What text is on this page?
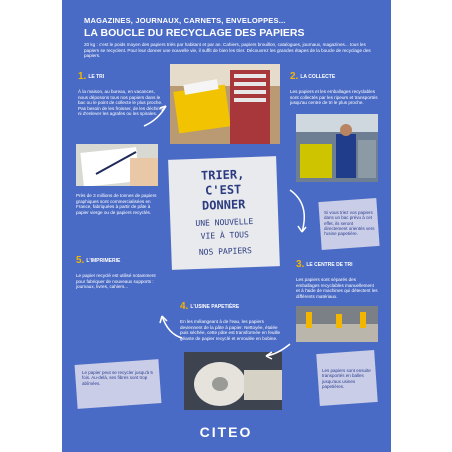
MAGAZINES, JOURNAUX, CARNETS, ENVELOPPES...
LA BOUCLE DU RECYCLAGE DES PAPIERS
20 kg : c'est le poids moyen des papiers triés par habitant et par an. Cahiers, papiers brouillon, catalogues, journaux, magazines... tous les papiers se recyclent. Pour leur donner une nouvelle vie, il suffit de bien les trier. Découvrez les grandes étapes de la boucle de recyclage des papiers.
1. LE TRI
À la maison, au bureau, en vacances, nous déposons tous nos papiers dans le bac ou le point de collecte le plus proche. Pas besoin de les froisser, de les déchirer, ni d'enlever les agrafes ou les spirales.
2. LA COLLECTE
Les papiers et les emballages recyclables sont collectés par les ripeurs et transportés jusqu'au centre de tri le plus proche.
Près de 3 millions de tonnes de papiers graphiques sont commercialisées en France, fabriquées à partir de pâte à papier vierge ou de papiers recyclés.
TRIER,
C'EST
DONNER
UNE NOUVELLE
VIE À TOUS
NOS PAPIERS
Si vous triez vos papiers dans un bac prévu à cet effet, ils seront directement orientés vers l'usine papetière.
3. LE CENTRE DE TRI
Les papiers sont séparés des emballages recyclables manuellement et à l'aide de machines qui détectent les différents matériaux.
5. L'IMPRIMERIE
Le papier recyclé est utilisé notamment pour fabriquer de nouveaux supports : journaux, livres, cahiers...
4. L'USINE PAPETIÈRE
En les mélangeant à de l'eau, les papiers deviennent de la pâte à papier. Nettoyée, étalée puis séchée, cette pâte est transformée en feuille géante de papier recyclé et enroulée en bobine.
Les papiers sont ensuite transportés en balles jusqu'aux usines papetières.
Le papier peut se recycler jusqu'à 5 fois. Au-delà, ses fibres sont trop abîmées.
CITEO
